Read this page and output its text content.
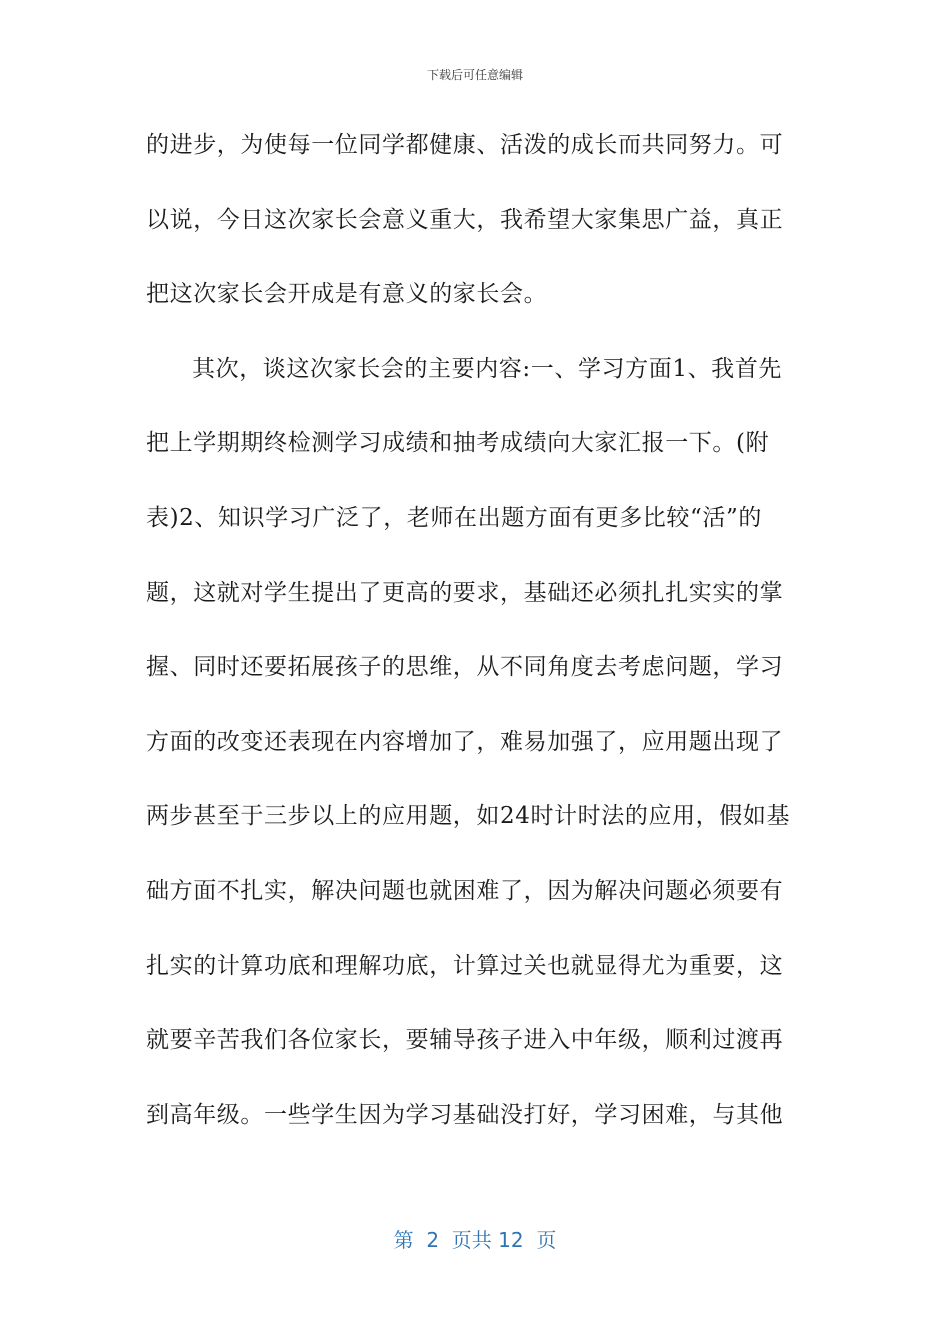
下载后可任意编辑
的进步，为使每一位同学都健康、活泼的成长而共同努力。可
以说，今日这次家长会意义重大，我希望大家集思广益，真正
把这次家长会开成是有意义的家长会。
其次，谈这次家长会的主要内容:一、学习方面1、我首先
把上学期期终检测学习成绩和抽考成绩向大家汇报一下。(附
表)2、知识学习广泛了，老师在出题方面有更多比较“活”的
题，这就对学生提出了更高的要求，基础还必须扎扎实实的掌
握、同时还要拓展孩子的思维，从不同角度去考虑问题，学习
方面的改变还表现在内容增加了，难易加强了，应用题出现了
两步甚至于三步以上的应用题，如24时计时法的应用，假如基
础方面不扎实，解决问题也就困难了，因为解决问题必须要有
扎实的计算功底和理解功底，计算过关也就显得尤为重要，这
就要辛苦我们各位家长，要辅导孩子进入中年级，顺利过渡再
到高年级。一些学生因为学习基础没打好，学习困难，与其他
第  2  页共 12  页
